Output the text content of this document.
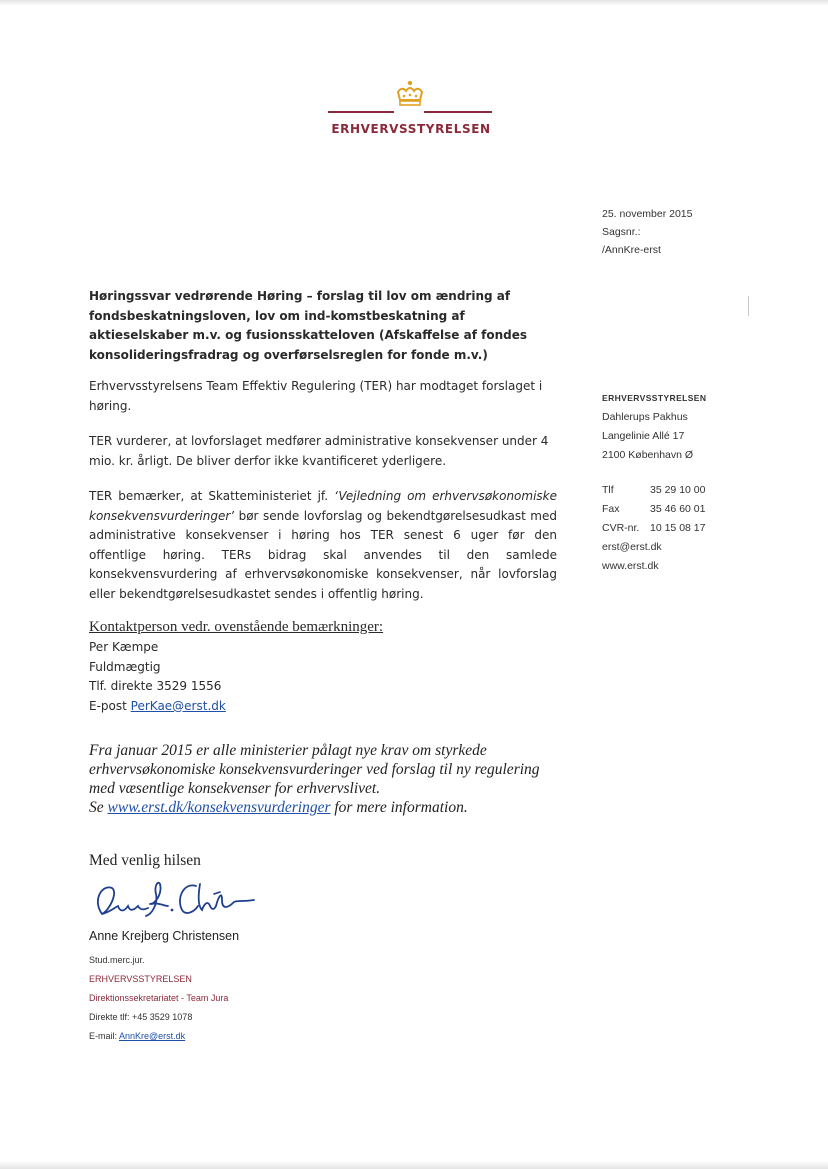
ERHVERVSSTYRELSEN
25. november 2015
Sagsnr.:
/AnnKre-erst
Høringssvar vedrørende Høring – forslag til lov om ændring af fondsbeskatningsloven, lov om ind-komstbeskatning af aktieselskaber m.v. og fusionsskatteloven (Afskaffelse af fondes konsolideringsfradrag og overførselsreglen for fonde m.v.)
Erhvervsstyrelsens Team Effektiv Regulering (TER) har modtaget forslaget i høring.
TER vurderer, at lovforslaget medfører administrative konsekvenser under 4 mio. kr. årligt. De bliver derfor ikke kvantificeret yderligere.
TER bemærker, at Skatteministeriet jf. ‘Vejledning om erhvervsøkonomiske konsekvensvurderinger’ bør sende lovforslag og bekendtgørelsesudkast med administrative konsekvenser i høring hos TER senest 6 uger før den offentlige høring. TERs bidrag skal anvendes til den samlede konsekvensvurdering af erhvervsøkonomiske konsekvenser, når lovforslag eller bekendtgørelsesudkastet sendes i offentlig høring.
Kontaktperson vedr. ovenstående bemærkninger:
Per Kæmpe
Fuldmægtig
Tlf. direkte 3529 1556
E-post PerKae@erst.dk
Fra januar 2015 er alle ministerier pålagt nye krav om styrkede erhvervsøkonomiske konsekvensvurderinger ved forslag til ny regulering med væsentlige konsekvenser for erhvervslivet.
Se www.erst.dk/konsekvensvurderinger for mere information.
Med venlig hilsen
Anne Krejberg Christensen
Stud.merc.jur.
ERHVERVSSTYRELSEN
Direktionssekretariatet - Team Jura
Direkte tlf: +45 3529 1078
E-mail: AnnKre@erst.dk
ERHVERVSSTYRELSEN
Dahlerups Pakhus
Langelinie Allé 17
2100 København Ø
Tlf	35 29 10 00
Fax	35 46 60 01
CVR-nr.	10 15 08 17
erst@erst.dk
www.erst.dk
